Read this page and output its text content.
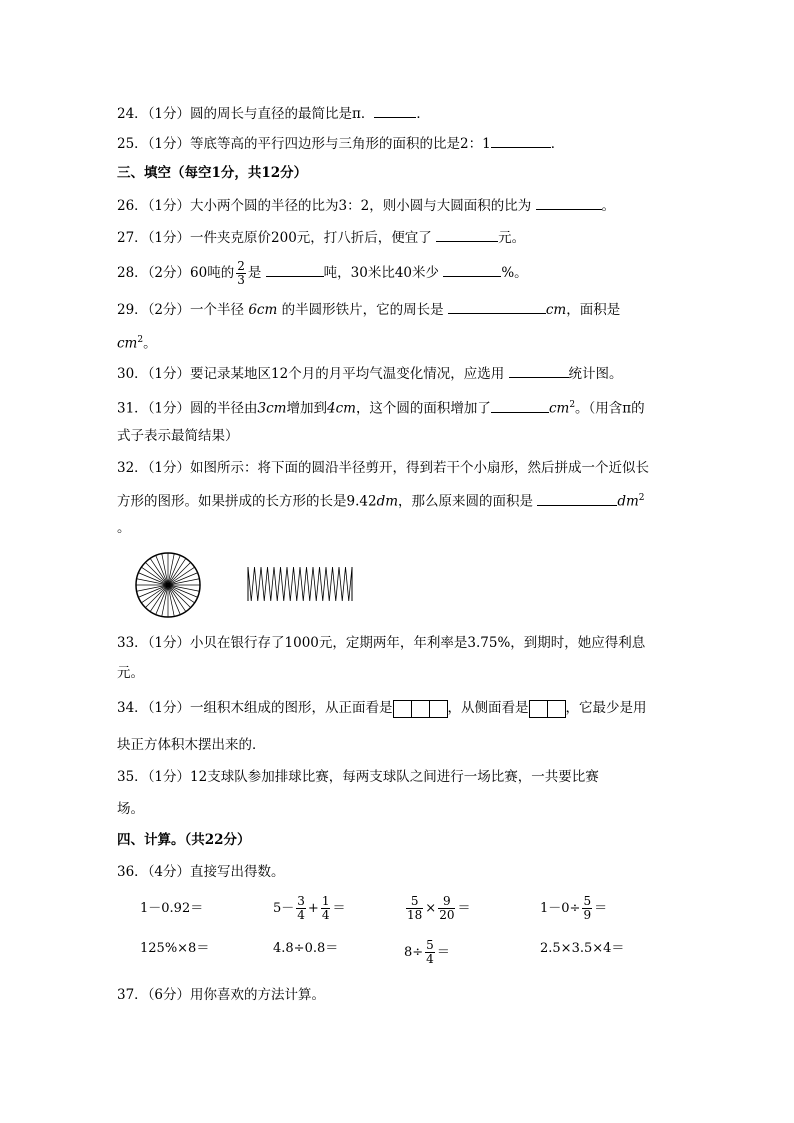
24．（1分）圆的周长与直径的最简比是π．	．
25．（1分）等底等高的平行四边形与三角形的面积的比是2：1	．
三、填空（每空1分，共12分）
26．（1分）大小两个圆的半径的比为3：2，则小圆与大圆面积的比为	。
27．（1分）一件夹克原价200元，打八折后，便宜了	元。
28．（2分）60吨的 $\frac{2}{3}$ 是	吨，30米比40米少	%。
29．（2分）一个半径 6cm 的半圆形铁片，它的周长是	cm，面积是
$cm^2$。
30．（1分）要记录某地区12个月的月平均气温变化情况，应选用	统计图。
31．（1分）圆的半径由3cm增加到4cm，这个圆的面积增加了	$cm^2$。（用含π的
式子表示最简结果）
32．（1分）如图所示：将下面的圆沿半径剪开，得到若干个小扇形，然后拼成一个近似长
方形的图形。如果拼成的长方形的长是9.42dm，那么原来圆的面积是	$dm^2$
。
33．（1分）小贝在银行存了1000元，定期两年，年利率是3.75%，到期时，她应得利息
元。
34．（1分）一组积木组成的图形，从正面看是	，从侧面看是	，它最少是用
块正方体积木摆出来的．
35．（1分）12支球队参加排球比赛，每两支球队之间进行一场比赛，一共要比赛
场。
四、计算。（共22分）
36．（4分）直接写出得数。
1－0.92＝	$5- \frac{3}{4} + \frac{1}{4}$ ＝	$\frac{5}{18} \times \frac{9}{20}$ ＝	$1-0\div \frac{5}{9}$ ＝
125%×8＝	4.8÷0.8＝	$8\div \frac{5}{4}$ ＝	2.5×3.5×4＝
37．（6分）用你喜欢的方法计算。
